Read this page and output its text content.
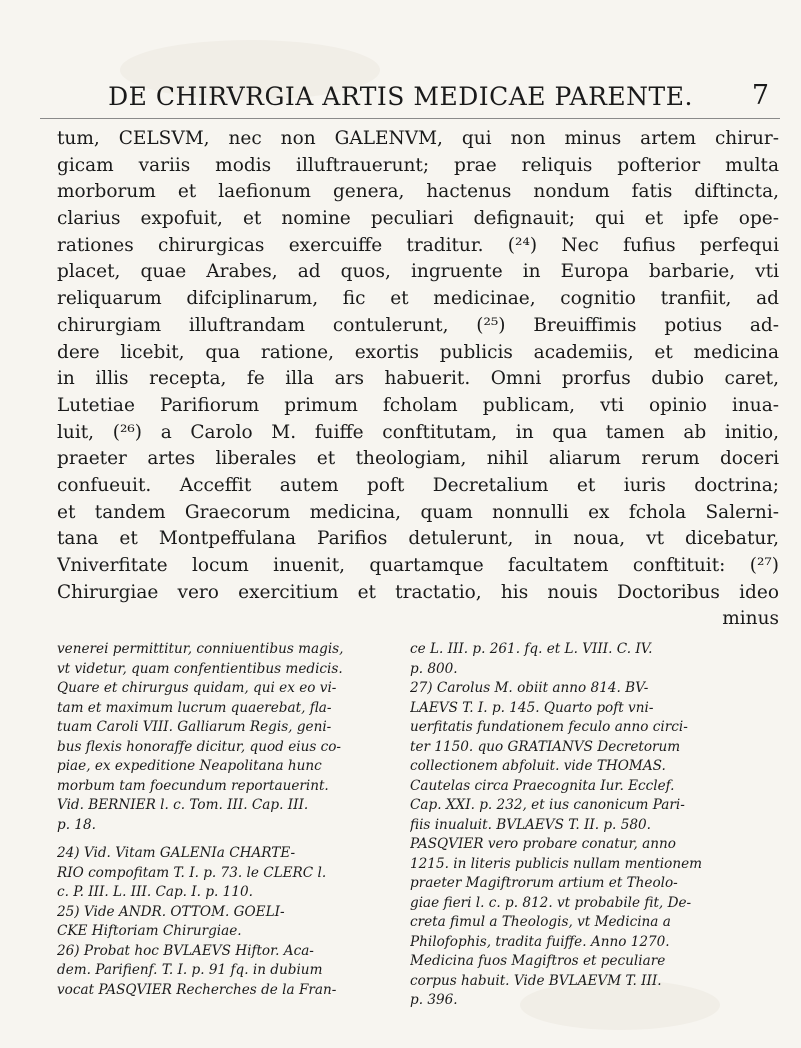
DE CHIRVRGIA ARTIS MEDICAE PARENTE.	7
tum, CELSVM, nec non GALENVM, qui non minus artem chirur-
gicam variis modis illuftrauerunt; prae reliquis pofterior multa
morborum et laefionum genera, hactenus nondum fatis diftincta,
clarius expofuit, et nomine peculiari defignauit; qui et ipfe ope-
rationes chirurgicas exercuiffe traditur. (²⁴) Nec fufius perfequi
placet, quae Arabes, ad quos, ingruente in Europa barbarie, vti
reliquarum difciplinarum, fic et medicinae, cognitio tranfiit, ad
chirurgiam illuftrandam contulerunt, (²⁵) Breuiffimis potius ad-
dere licebit, qua ratione, exortis publicis academiis, et medicina
in illis recepta, fe illa ars habuerit. Omni prorfus dubio caret,
Lutetiae Parifiorum primum fcholam publicam, vti opinio inua-
luit, (²⁶) a Carolo M. fuiffe conftitutam, in qua tamen ab initio,
praeter artes liberales et theologiam, nihil aliarum rerum doceri
confueuit. Acceffit autem poft Decretalium et iuris doctrina;
et tandem Graecorum medicina, quam nonnulli ex fchola Salerni-
tana et Montpeffulana Parifios detulerunt, in noua, vt dicebatur,
Vniverfitate locum inuenit, quartamque facultatem conftituit: (²⁷)
Chirurgiae vero exercitium et tractatio, his nouis Doctoribus ideo
minus
venerei permittitur, conniuentibus magis,
vt videtur, quam confentientibus medicis.
Quare et chirurgus quidam, qui ex eo vi-
tam et maximum lucrum quaerebat, fla-
tuam Caroli VIII. Galliarum Regis, geni-
bus flexis honoraffe dicitur, quod eius co-
piae, ex expeditione Neapolitana hunc
morbum tam foecundum reportauerint.
Vid. BERNIER l. c. Tom. III. Cap. III.
p. 18.
24) Vid. Vitam GALENIa CHARTE-
RIO compofitam T. I. p. 73. le CLERC l.
c. P. III. L. III. Cap. I. p. 110.
25) Vide ANDR. OTTOM. GOELI-
CKE Hiftoriam Chirurgiae.
26) Probat hoc BVLAEVS Hiftor. Aca-
dem. Parifienf. T. I. p. 91 fq. in dubium
vocat PASQVIER Recherches de la Fran-
ce L. III. p. 261. fq. et L. VIII. C. IV.
p. 800.
27) Carolus M. obiit anno 814. BV-
LAEVS T. I. p. 145. Quarto poft vni-
uerfitatis fundationem feculo anno circi-
ter 1150. quo GRATIANVS Decretorum
collectionem abfoluit. vide THOMAS.
Cautelas circa Praecognita Iur. Ecclef.
Cap. XXI. p. 232, et ius canonicum Pari-
fiis inualuit. BVLAEVS T. II. p. 580.
PASQVIER vero probare conatur, anno
1215. in literis publicis nullam mentionem
praeter Magiftrorum artium et Theolo-
giae fieri l. c. p. 812. vt probabile fit, De-
creta fimul a Theologis, vt Medicina a
Philofophis, tradita fuiffe. Anno 1270.
Medicina fuos Magiftros et peculiare
corpus habuit. Vide BVLAEVM T. III.
p. 396.
